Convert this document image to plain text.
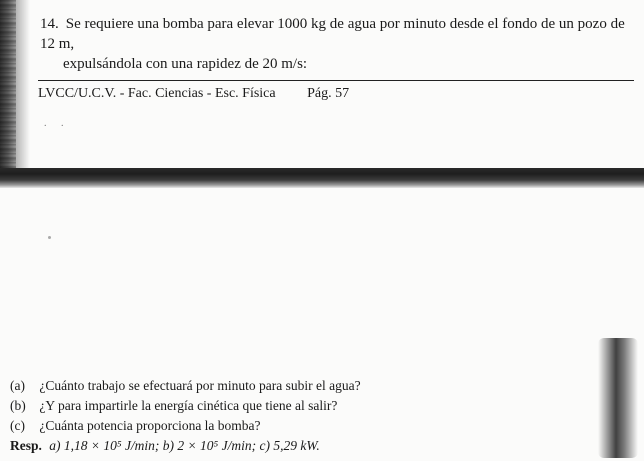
14. Se requiere una bomba para elevar 1000 kg de agua por minuto desde el fondo de un pozo de 12 m,
expulsándola con una rapidez de 20 m/s:
LVCC/U.C.V. - Fac. Ciencias - Esc. Física Pág. 57
. .
(a) ¿Cuánto trabajo se efectuará por minuto para subir el agua?
(b) ¿Y para impartirle la energía cinética que tiene al salir?
(c) ¿Cuánta potencia proporciona la bomba?
Resp. a) 1,18 × 10⁵ J/min; b) 2 × 10⁵ J/min; c) 5,29 kW.
